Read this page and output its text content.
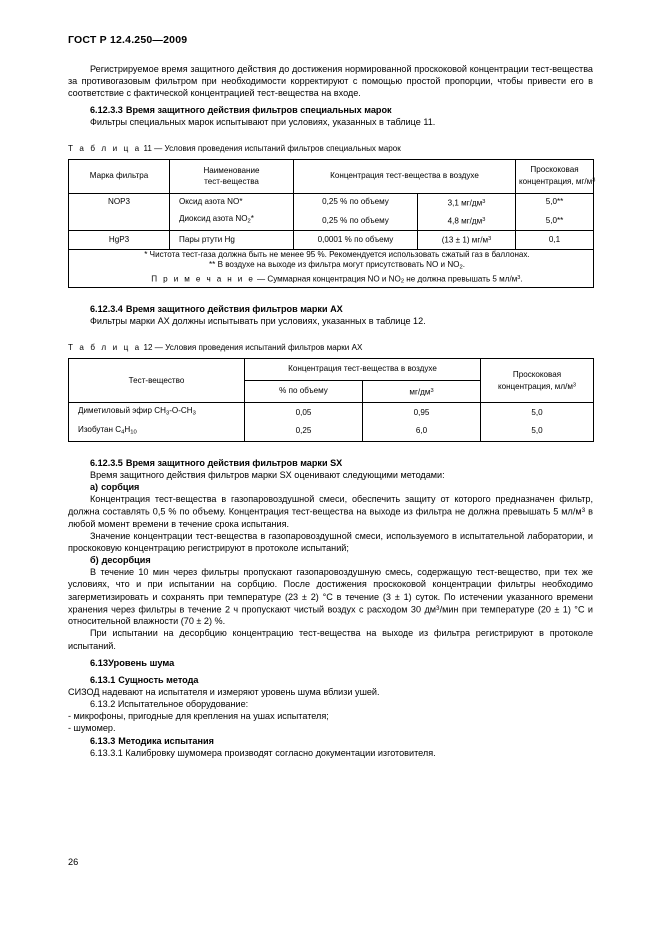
ГОСТ Р 12.4.250—2009

Регистрируемое время защитного действия до достижения нормированной проскоковой концентрации тест-вещества за противогазовым фильтром при необходимости корректируют с помощью простой пропорции, чтобы привести его в соответствие с фактической концентрацией тест-вещества на входе.

6.12.3.3 Время защитного действия фильтров специальных марок

Фильтры специальных марок испытывают при условиях, указанных в таблице 11.

Т а б л и ц а 11 — Условия проведения испытаний фильтров специальных марок

Марка фильтра	Наименование
тест-вещества	Концентрация тест-вещества в воздухе		Проскоковая
концентрация, $мг/м^3$
NOP3	Оксид азота NO*	0,25 % по объему	3,1 $мг/дм^3$	5,0**
	Диоксид азота $NO_2*$	0,25 % по объему	4,8 $мг/дм^3$	5,0**
HgP3	Пары ртути Hg	0,0001 % по объему	(13 ± 1) $мг/м^3$	0,1

* Чистота тест-газа должна быть не менее 95 %. Рекомендуется использовать сжатый газ в баллонах.
** В воздухе на выходе из фильтра могут присутствовать NO и $NO_2$.
П р и м е ч а н и е — Суммарная концентрация NO и $NO_2$ не должна превышать 5 $мл/м^3$.				
6.12.3.4 Время защитного действия фильтров марки АХ

Фильтры марки АХ должны испытывать при условиях, указанных в таблице 12.

Т а б л и ц а 12 — Условия проведения испытаний фильтров марки АХ

Тест-вещество	Концентрация тест-вещества в воздухе		Проскоковая
концентрация, $мл/м^3$
	% по объему	$мг/дм^3$
Диметиловый эфир $CH_3-O-CH_3$	0,05	0,95	5,0
Изобутан $C_4H_{10}$	0,25	6,0	5,0
6.12.3.5 Время защитного действия фильтров марки SX

Время защитного действия фильтров марки SX оценивают следующими методами:

а) сорбция

Концентрация тест-вещества в газопаровоздушной смеси, обеспечить защиту от которого предназначен фильтр, должна составлять 0,5 % по объему. Концентрация тест-вещества на выходе из фильтра не должна превышать 5 $мл/м^3$ в любой момент времени в течение срока испытания.

Значение концентрации тест-вещества в газопаровоздушной смеси, используемого в испытательной лаборатории, и проскоковую концентрацию регистрируют в протоколе испытаний;

б) десорбция

В течение 10 мин через фильтры пропускают газопаровоздушную смесь, содержащую тест-вещество, при тех же условиях, что и при испытании на сорбцию. После достижения проскоковой концентрации фильтры необходимо загерметизировать и сохранять при температуре (23 ± 2) °С в течение (3 ± 1) суток. По истечении указанного времени хранения через фильтры в течение 2 ч пропускают чистый воздух с расходом 30 $дм^3$/мин при температуре (20 ± 1) °С и относительной влажности (70 ± 2) %.

При испытании на десорбцию концентрацию тест-вещества на выходе из фильтра регистрируют в протоколе испытаний.

6.13Уровень шума
6.13.1 Сущность метода

СИЗОД надевают на испытателя и измеряют уровень шума вблизи ушей.

6.13.2 Испытательное оборудование:

- микрофоны, пригодные для крепления на ушах испытателя;

- шумомер.

6.13.3 Методика испытания

6.13.3.1 Калибровку шумомера производят согласно документации изготовителя.

26
